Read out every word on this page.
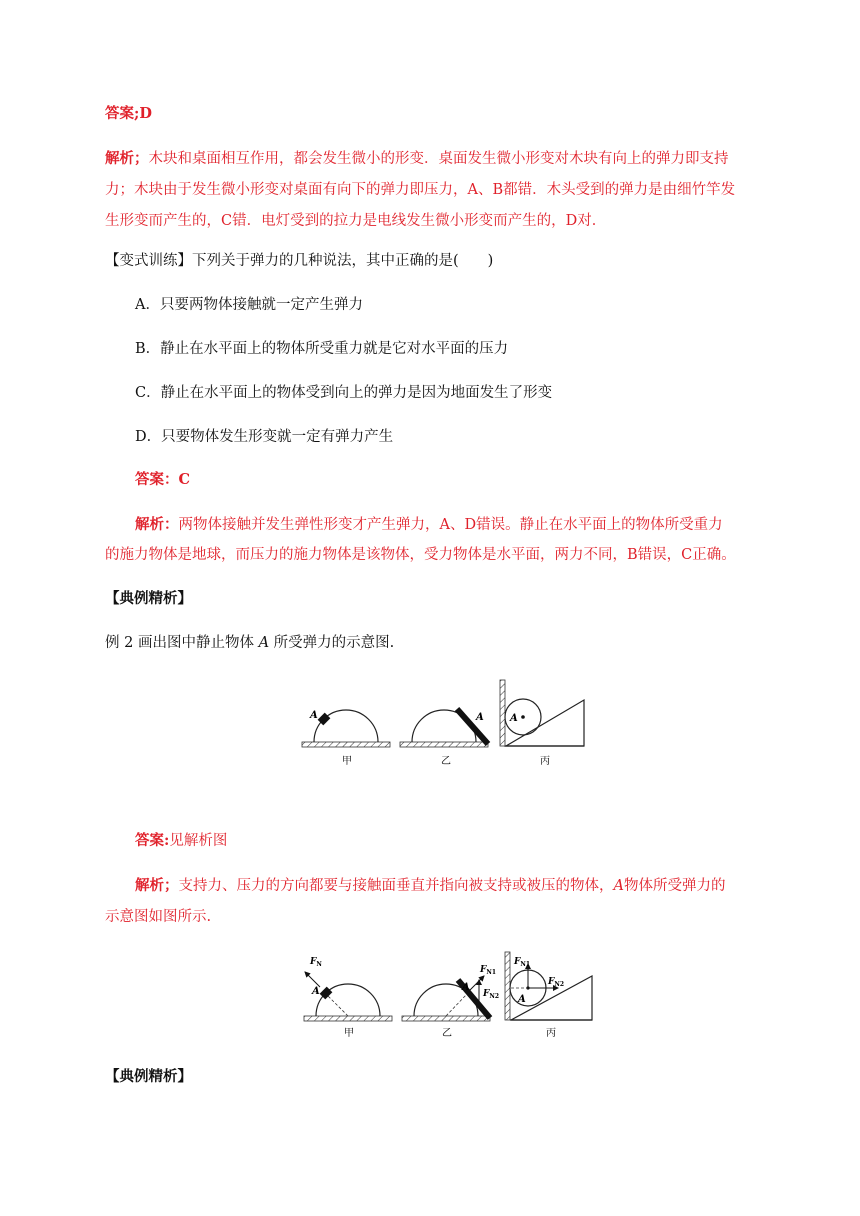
答案;D
解析；木块和桌面相互作用，都会发生微小的形变．桌面发生微小形变对木块有向上的弹力即支持
力；木块由于发生微小形变对桌面有向下的弹力即压力，A、B都错．木头受到的弹力是由细竹竿发
生形变而产生的，C错．电灯受到的拉力是电线发生微小形变而产生的，D对．
【变式训练】下列关于弹力的几种说法，其中正确的是(　　)
A．只要两物体接触就一定产生弹力
B．静止在水平面上的物体所受重力就是它对水平面的压力
C．静止在水平面上的物体受到向上的弹力是因为地面发生了形变
D．只要物体发生形变就一定有弹力产生
答案：C
解析：两物体接触并发生弹性形变才产生弹力，A、D错误。静止在水平面上的物体所受重力
的施力物体是地球，而压力的施力物体是该物体，受力物体是水平面，两力不同，B错误，C正确。
【典例精析】
例 2 画出图中静止物体 A 所受弹力的示意图.
A
甲
A
乙
A
丙
答案:见解析图
解析；支持力、压力的方向都要与接触面垂直并指向被支持或被压的物体，A物体所受弹力的
示意图如图所示.
$F_N$
A
甲
$F_{N1}$
$F_{N2}$
A
乙
$F_{N1}$
$F_{N2}$
A
丙
【典例精析】
